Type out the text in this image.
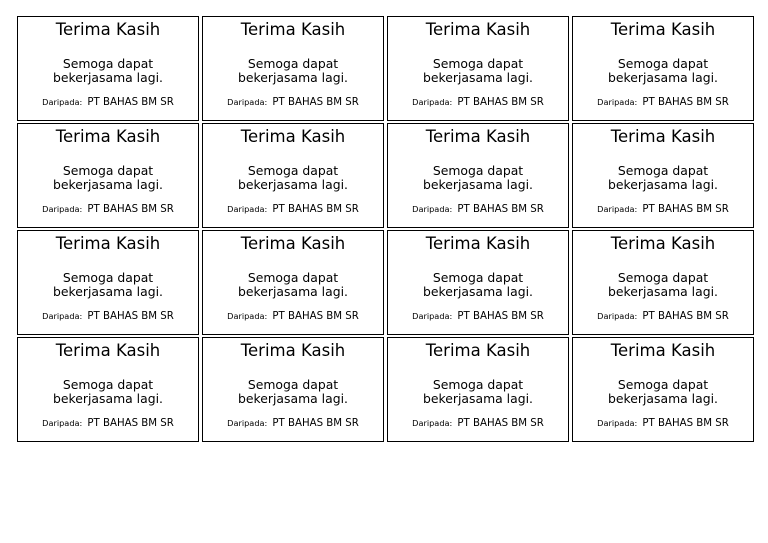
Terima Kasih
Semoga dapat bekerjasama lagi.
Daripada: PT BAHAS BM SR
Terima Kasih
Semoga dapat bekerjasama lagi.
Daripada: PT BAHAS BM SR
Terima Kasih
Semoga dapat bekerjasama lagi.
Daripada: PT BAHAS BM SR
Terima Kasih
Semoga dapat bekerjasama lagi.
Daripada: PT BAHAS BM SR
Terima Kasih
Semoga dapat bekerjasama lagi.
Daripada: PT BAHAS BM SR
Terima Kasih
Semoga dapat bekerjasama lagi.
Daripada: PT BAHAS BM SR
Terima Kasih
Semoga dapat bekerjasama lagi.
Daripada: PT BAHAS BM SR
Terima Kasih
Semoga dapat bekerjasama lagi.
Daripada: PT BAHAS BM SR
Terima Kasih
Semoga dapat bekerjasama lagi.
Daripada: PT BAHAS BM SR
Terima Kasih
Semoga dapat bekerjasama lagi.
Daripada: PT BAHAS BM SR
Terima Kasih
Semoga dapat bekerjasama lagi.
Daripada: PT BAHAS BM SR
Terima Kasih
Semoga dapat bekerjasama lagi.
Daripada: PT BAHAS BM SR
Terima Kasih
Semoga dapat bekerjasama lagi.
Daripada: PT BAHAS BM SR
Terima Kasih
Semoga dapat bekerjasama lagi.
Daripada: PT BAHAS BM SR
Terima Kasih
Semoga dapat bekerjasama lagi.
Daripada: PT BAHAS BM SR
Terima Kasih
Semoga dapat bekerjasama lagi.
Daripada: PT BAHAS BM SR
